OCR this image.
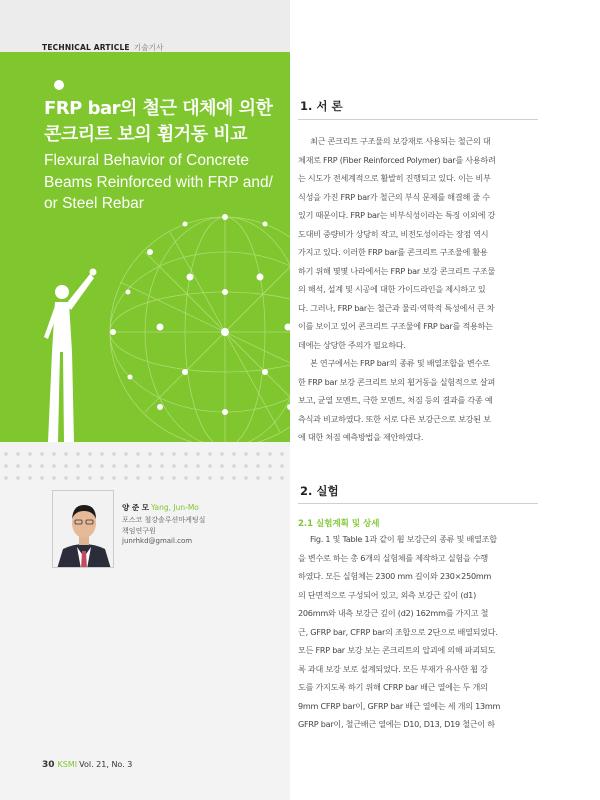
TECHNICAL ARTICLE 기술기사
FRP bar의 철근 대체에 의한
콘크리트 보의 휨거동 비교
Flexural Behavior of Concrete
Beams Reinforced with FRP and/
or Steel Rebar
양 준 모 Yang, Jun-Mo
포스코 철강솔루션마케팅실
책임연구원
junrhkd@gmail.com
30 KSMI Vol. 21, No. 3
1. 서 론
최근 콘크리트 구조물의 보강재로 사용되는 철근의 대
체재로 FRP (Fiber Reinforced Polymer) bar를 사용하려
는 시도가 전세계적으로 활발히 진행되고 있다. 이는 비부
식성을 가진 FRP bar가 철근의 부식 문제를 해결해 줄 수
있기 때문이다. FRP bar는 비부식성이라는 특징 이외에 강
도대비 중량비가 상당히 작고, 비전도성이라는 장점 역시
가지고 있다. 이러한 FRP bar를 콘크리트 구조물에 활용
하기 위해 몇몇 나라에서는 FRP bar 보강 콘크리트 구조물
의 해석, 설계 및 시공에 대한 가이드라인을 제시하고 있
다. 그러나, FRP bar는 철근과 물리·역학적 특성에서 큰 차
이를 보이고 있어 콘크리트 구조물에 FRP bar를 적용하는
데에는 상당한 주의가 필요하다.
본 연구에서는 FRP bar의 종류 및 배열조합을 변수로
한 FRP bar 보강 콘크리트 보의 휨거동을 실험적으로 살펴
보고, 균열 모멘트, 극한 모멘트, 처짐 등의 결과를 각종 예
측식과 비교하였다. 또한 서로 다른 보강근으로 보강된 보
에 대한 처짐 예측방법을 제안하였다.
2. 실험
2.1 실험계획 및 상세
Fig. 1 및 Table 1과 같이 휨 보강근의 종류 및 배열조합
을 변수로 하는 총 6개의 실험체를 제작하고 실험을 수행
하였다. 모든 실험체는 2300 mm 길이와 230×250mm
의 단면적으로 구성되어 있고, 외측 보강근 깊이 (d1)
206mm와 내측 보강근 깊이 (d2) 162mm를 가지고 철
근, GFRP bar, CFRP bar의 조합으로 2단으로 배열되었다.
모든 FRP bar 보강 보는 콘크리트의 압괴에 의해 파괴되도
록 과대 보강 보로 설계되었다. 모든 부재가 유사한 휨 강
도를 가지도록 하기 위해 CFRP bar 배근 열에는 두 개의
9mm CFRP bar이, GFRP bar 배근 열에는 세 개의 13mm
GFRP bar이, 철근배근 열에는 D10, D13, D19 철근이 하
